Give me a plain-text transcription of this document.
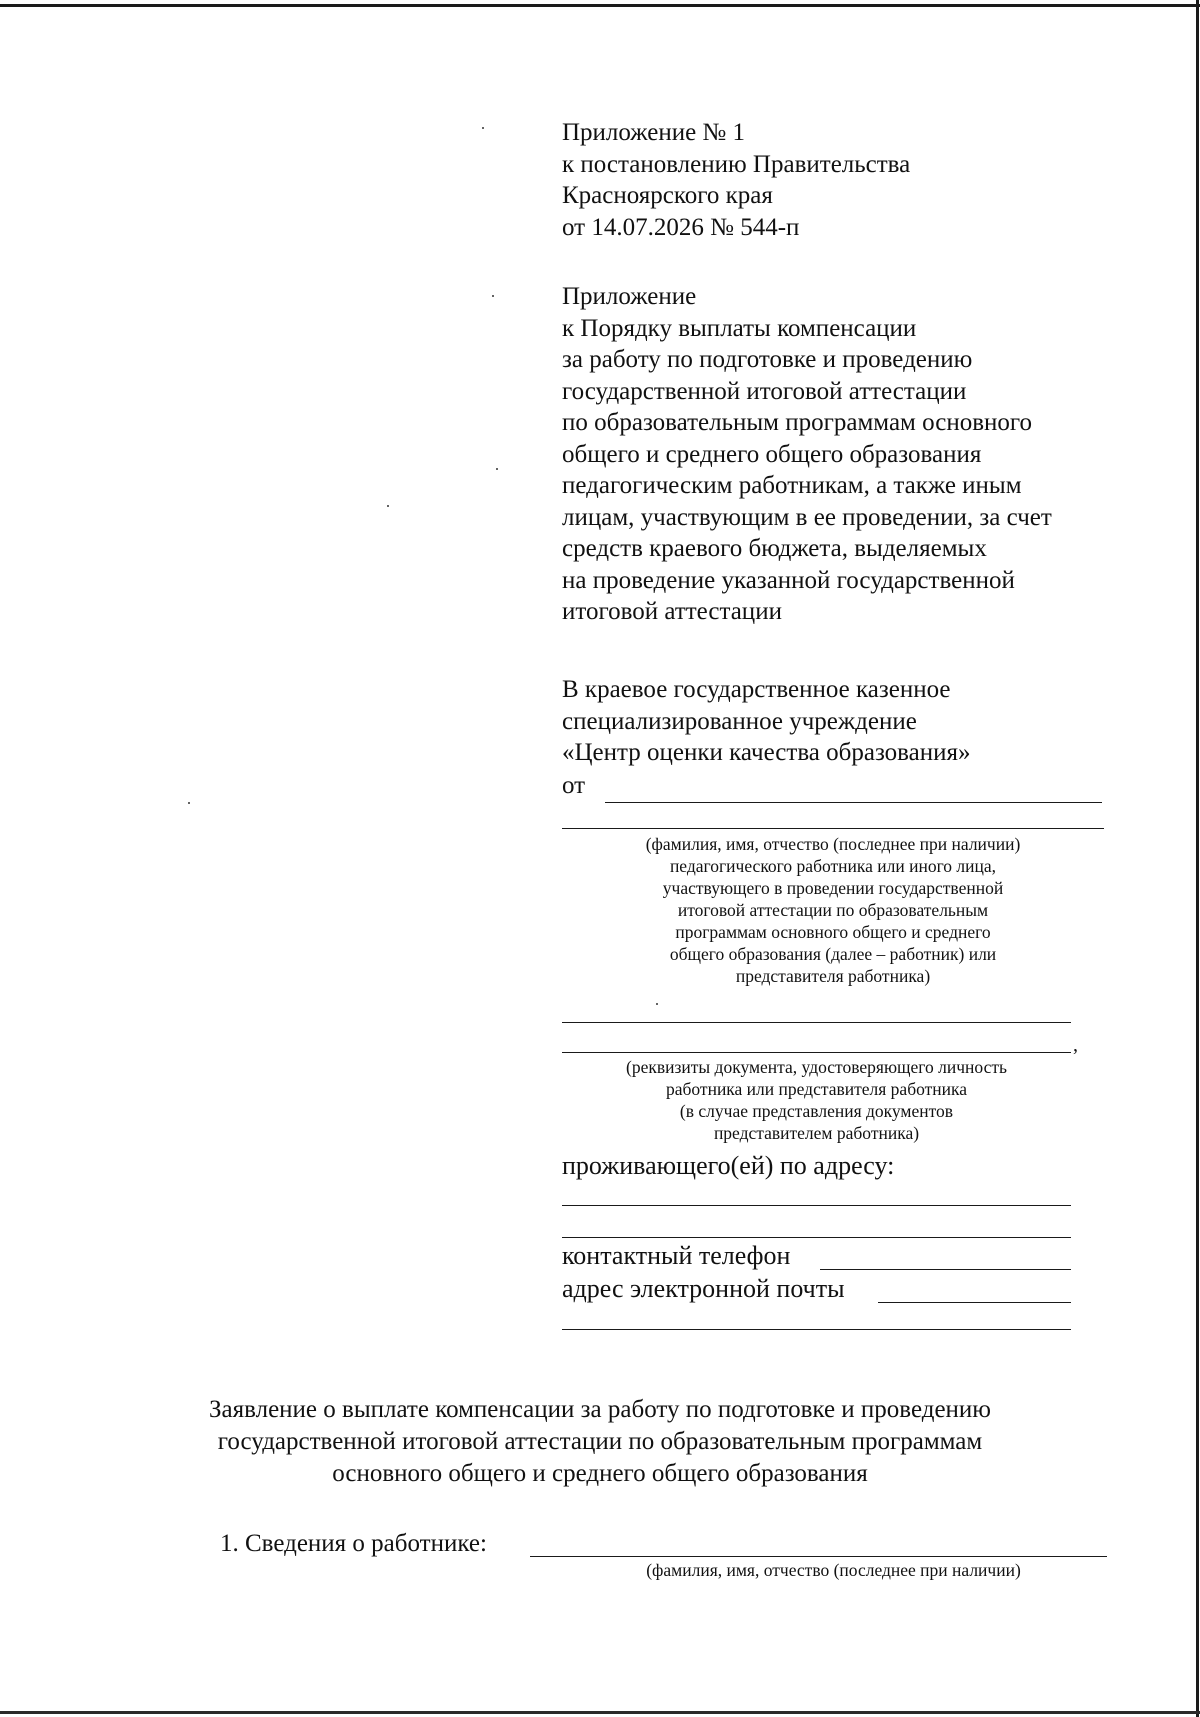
Приложение № 1
к постановлению Правительства
Красноярского края
от 14.07.2026 № 544-п
Приложение
к Порядку выплаты компенсации
за работу по подготовке и проведению
государственной итоговой аттестации
по образовательным программам основного
общего и среднего общего образования
педагогическим работникам, а также иным
лицам, участвующим в ее проведении, за счет
средств краевого бюджета, выделяемых
на проведение указанной государственной
итоговой аттестации
В краевое государственное казенное
специализированное учреждение
«Центр оценки качества образования»
от
(фамилия, имя, отчество (последнее при наличии)
педагогического работника или иного лица,
участвующего в проведении государственной
итоговой аттестации по образовательным
программам основного общего и среднего
общего образования (далее – работник) или
представителя работника)
,
(реквизиты документа, удостоверяющего личность
работника или представителя работника
(в случае представления документов
представителем работника)
проживающего(ей) по адресу:
контактный телефон
адрес электронной почты
Заявление о выплате компенсации за работу по подготовке и проведению
государственной итоговой аттестации по образовательным программам
основного общего и среднего общего образования
1. Сведения о работнике:
(фамилия, имя, отчество (последнее при наличии)
